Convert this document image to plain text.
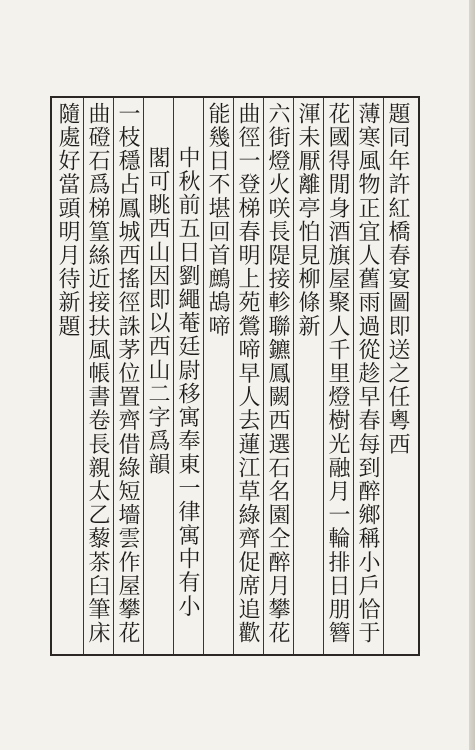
題同年許紅橋春宴圖即送之任粵西
薄寒風物正宜人舊雨過從趁早春每到醉鄉稱小戶恰于
花國得閒身酒旗屋聚人千里燈樹光融月一輪排日朋簪
渾未厭離亭怕見柳條新
六街燈火咲長隄接軫聯鑣鳳闕西選石名園仝醉月攀花
曲徑一登梯春明上苑鶯啼早人去蓮江草綠齊促席追歡
能幾日不堪回首鷓鴣啼
中秋前五日劉繩菴廷尉移寓奉東一律寓中有小
閣可眺西山因即以西山二字爲韻
一枝穩占鳳城西搖徑誅茅位置齊借綠短墻雲作屋攀花
曲磴石爲梯篁絲近接扶風帳書卷長親太乙藜茶臼筆床
隨處好當頭明月待新題
